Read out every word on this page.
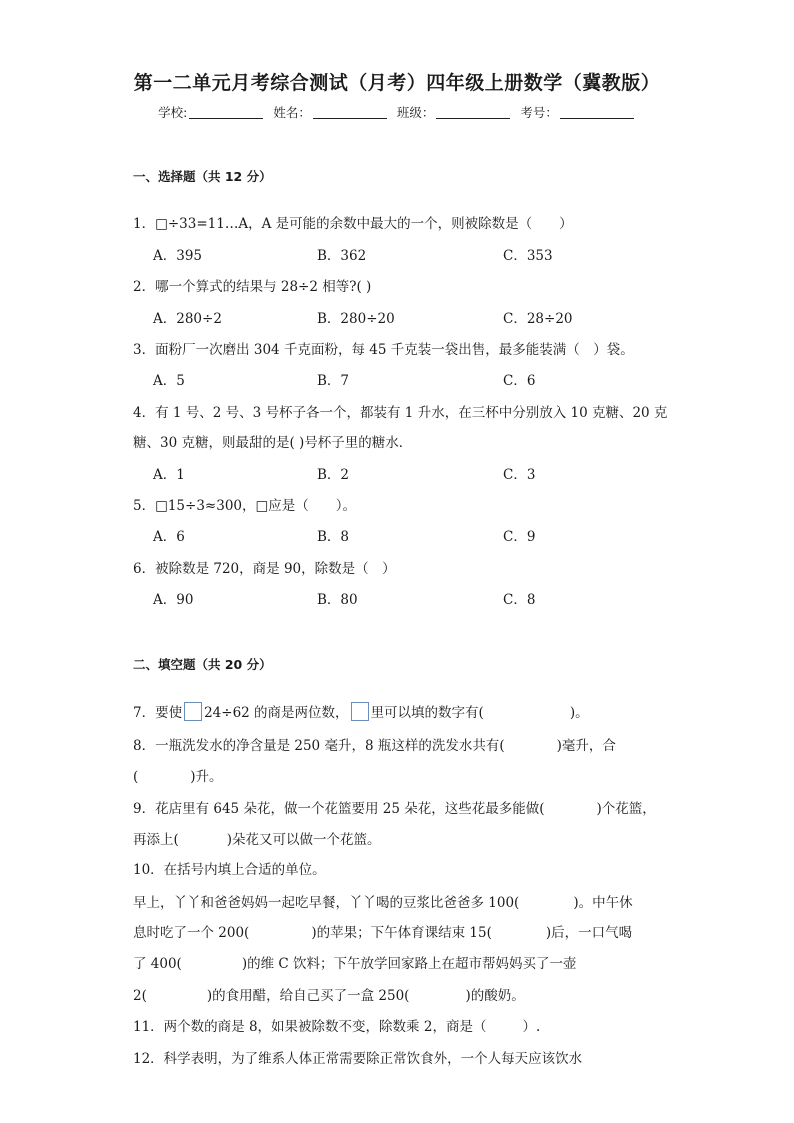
第一二单元月考综合测试（月考）四年级上册数学（冀教版）
学校:	姓名：	班级：	考号：
一、选择题（共 12 分）
1．□÷33=11…A，A 是可能的余数中最大的一个，则被除数是（　　）
A．395	B．362	C．353
2．哪一个算式的结果与 28÷2 相等?( )
A．280÷2	B．280÷20	C．28÷20
3．面粉厂一次磨出 304 千克面粉，每 45 千克装一袋出售，最多能装满（　）袋。
A．5	B．7	C．6
4．有 1 号、2 号、3 号杯子各一个，都装有 1 升水，在三杯中分别放入 10 克糖、20 克
糖、30 克糖，则最甜的是( )号杯子里的糖水．
A．1	B．2	C．3
5．□15÷3≈300，□应是（　　）。
A．6	B．8	C．9
6．被除数是 720，商是 90，除数是（　）
A．90	B．80	C．8
二、填空题（共 20 分）
7．要使 24÷62 的商是两位数， 里可以填的数字有(	)。
8．一瓶洗发水的净含量是 250 毫升，8 瓶这样的洗发水共有(	)毫升，合
(	)升。
9．花店里有 645 朵花，做一个花篮要用 25 朵花，这些花最多能做(	)个花篮，
再添上(	)朵花又可以做一个花篮。
10．在括号内填上合适的单位。
早上，丫丫和爸爸妈妈一起吃早餐，丫丫喝的豆浆比爸爸多 100(	)。中午休
息时吃了一个 200(	)的苹果；下午体育课结束 15(	)后，一口气喝
了 400(	)的维 C 饮料；下午放学回家路上在超市帮妈妈买了一壶
2(	)的食用醋，给自己买了一盒 250(	)的酸奶。
11．两个数的商是 8，如果被除数不变，除数乘 2，商是（	）.
12．科学表明，为了维系人体正常需要除正常饮食外，一个人每天应该饮水
